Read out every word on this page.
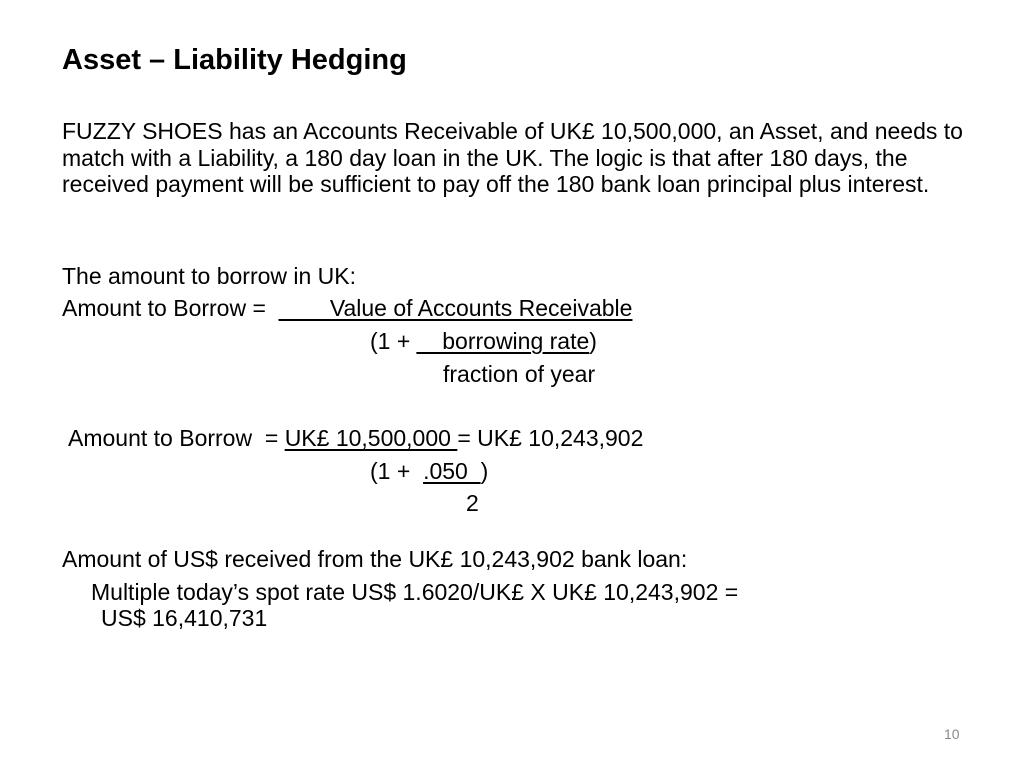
Asset – Liability Hedging

FUZZY SHOES has an Accounts Receivable of UK£ 10,500,000, an Asset, and needs to match with a Liability, a 180 day loan in the UK. The logic is that after 180 days, the received payment will be sufficient to pay off the 180 bank loan principal plus interest.

The amount to borrow in UK:
Amount to Borrow =  ____Value of Accounts Receivable
(1 + __borrowing rate)
fraction of year
Amount to Borrow  = UK£ 10,500,000 = UK£ 10,243,902
(1 +  .050  )
2
Amount of US$ received from the UK£ 10,243,902 bank loan:
Multiple today’s spot rate US$ 1.6020/UK£ X UK£ 10,243,902 =
US$ 16,410,731
10
